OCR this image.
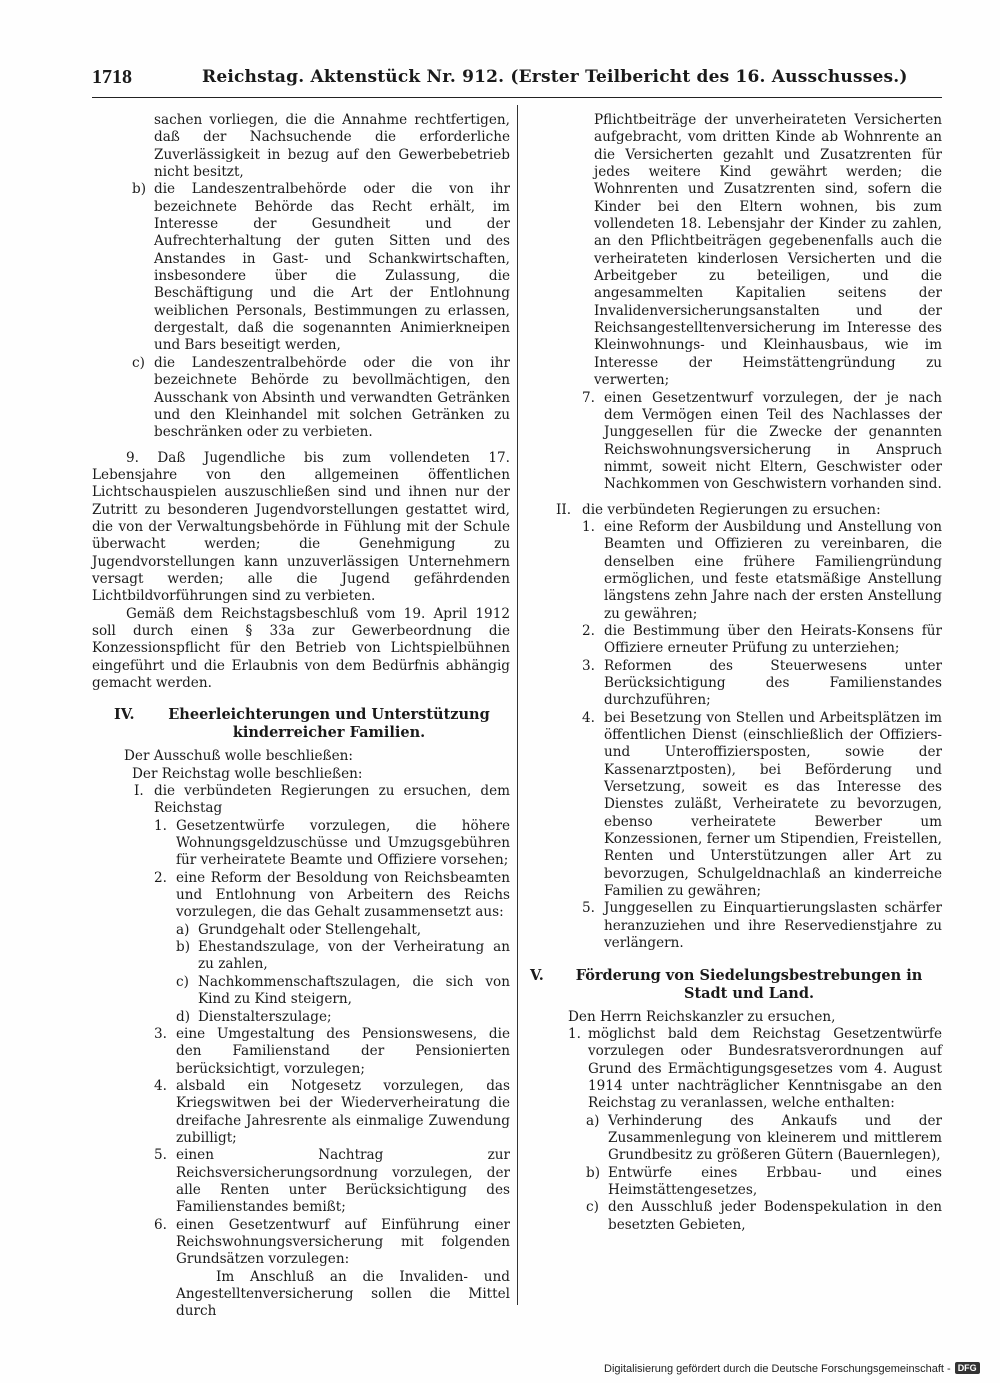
1718	Reichstag. Aktenstück Nr. 912. (Erster Teilbericht des 16. Ausschusses.)

sachen vorliegen, die die Annahme rechtfertigen, daß der Nachsuchende die erforderliche Zuverlässigkeit in bezug auf den Gewerbebetrieb nicht besitzt,

b) die Landeszentralbehörde oder die von ihr bezeichnete Behörde das Recht erhält, im Interesse der Gesundheit und der Aufrechterhaltung der guten Sitten und des Anstandes in Gast- und Schankwirtschaften, insbesondere über die Zulassung, die Beschäftigung und die Art der Entlohnung weiblichen Personals, Bestimmungen zu erlassen, dergestalt, daß die sogenannten Animierkneipen und Bars beseitigt werden,
c) die Landeszentralbehörde oder die von ihr bezeichnete Behörde zu bevollmächtigen, den Ausschank von Absinth und verwandten Getränken und den Kleinhandel mit solchen Getränken zu beschränken oder zu verbieten.

9. Daß Jugendliche bis zum vollendeten 17. Lebensjahre von den allgemeinen öffentlichen Lichtschauspielen auszuschließen sind und ihnen nur der Zutritt zu besonderen Jugendvorstellungen gestattet wird, die von der Verwaltungsbehörde in Fühlung mit der Schule überwacht werden; die Genehmigung zu Jugendvorstellungen kann unzuverlässigen Unternehmern versagt werden; alle die Jugend gefährdenden Lichtbildvorführungen sind zu verbieten.

Gemäß dem Reichstagsbeschluß vom 19. April 1912 soll durch einen § 33a zur Gewerbeordnung die Konzessionspflicht für den Betrieb von Lichtspielbühnen eingeführt und die Erlaubnis von dem Bedürfnis abhängig gemacht werden.

IV.	Eheerleichterungen und Unterstützung kinderreicher Familien.

Der Ausschuß wolle beschließen:

Der Reichstag wolle beschließen:

I. die verbündeten Regierungen zu ersuchen, dem Reichstag
1. Gesetzentwürfe vorzulegen, die höhere Wohnungsgeldzuschüsse und Umzugsgebühren für verheiratete Beamte und Offiziere vorsehen;
2. eine Reform der Besoldung von Reichsbeamten und Entlohnung von Arbeitern des Reichs vorzulegen, die das Gehalt zusammensetzt aus:
a) Grundgehalt oder Stellengehalt,
b) Ehestandszulage, von der Verheiratung an zu zahlen,
c) Nachkommenschaftszulagen, die sich von Kind zu Kind steigern,
d) Dienstalterszulage;
3. eine Umgestaltung des Pensionswesens, die den Familienstand der Pensionierten berücksichtigt, vorzulegen;
4. alsbald ein Notgesetz vorzulegen, das Kriegswitwen bei der Wiederverheiratung die dreifache Jahresrente als einmalige Zuwendung zubilligt;
5. einen Nachtrag zur Reichsversicherungsordnung vorzulegen, der alle Renten unter Berücksichtigung des Familienstandes bemißt;
6. einen Gesetzentwurf auf Einführung einer Reichswohnungsversicherung mit folgenden Grundsätzen vorzulegen:

Im Anschluß an die Invaliden- und Angestelltenversicherung sollen die Mittel durch

Pflichtbeiträge der unverheirateten Versicherten aufgebracht, vom dritten Kinde ab Wohnrente an die Versicherten gezahlt und Zusatzrenten für jedes weitere Kind gewährt werden; die Wohnrenten und Zusatzrenten sind, sofern die Kinder bei den Eltern wohnen, bis zum vollendeten 18. Lebensjahr der Kinder zu zahlen, an den Pflichtbeiträgen gegebenenfalls auch die verheirateten kinderlosen Versicherten und die Arbeitgeber zu beteiligen, und die angesammelten Kapitalien seitens der Invalidenversicherungsanstalten und der Reichsangestelltenversicherung im Interesse des Kleinwohnungs- und Kleinhausbaus, wie im Interesse der Heimstättengründung zu verwerten;

7. einen Gesetzentwurf vorzulegen, der je nach dem Vermögen einen Teil des Nachlasses der Junggesellen für die Zwecke der genannten Reichswohnungsversicherung in Anspruch nimmt, soweit nicht Eltern, Geschwister oder Nachkommen von Geschwistern vorhanden sind.
II. die verbündeten Regierungen zu ersuchen:
1. eine Reform der Ausbildung und Anstellung von Beamten und Offizieren zu vereinbaren, die denselben eine frühere Familiengründung ermöglichen, und feste etatsmäßige Anstellung längstens zehn Jahre nach der ersten Anstellung zu gewähren;
2. die Bestimmung über den Heirats-Konsens für Offiziere erneuter Prüfung zu unterziehen;
3. Reformen des Steuerwesens unter Berücksichtigung des Familienstandes durchzuführen;
4. bei Besetzung von Stellen und Arbeitsplätzen im öffentlichen Dienst (einschließlich der Offiziers- und Unteroffiziersposten, sowie der Kassenarztposten), bei Beförderung und Versetzung, soweit es das Interesse des Dienstes zuläßt, Verheiratete zu bevorzugen, ebenso verheiratete Bewerber um Konzessionen, ferner um Stipendien, Freistellen, Renten und Unterstützungen aller Art zu bevorzugen, Schulgeldnachlaß an kinderreiche Familien zu gewähren;
5. Junggesellen zu Einquartierungslasten schärfer heranzuziehen und ihre Reservedienstjahre zu verlängern.
V.	Förderung von Siedelungsbestrebungen in Stadt und Land.

Den Herrn Reichskanzler zu ersuchen,

1. möglichst bald dem Reichstag Gesetzentwürfe vorzulegen oder Bundesratsverordnungen auf Grund des Ermächtigungsgesetzes vom 4. August 1914 unter nachträglicher Kenntnisgabe an den Reichstag zu veranlassen, welche enthalten:
a) Verhinderung des Ankaufs und der Zusammenlegung von kleinerem und mittlerem Grundbesitz zu größeren Gütern (Bauernlegen),
b) Entwürfe eines Erbbau- und eines Heimstättengesetzes,
c) den Ausschluß jeder Bodenspekulation in den besetzten Gebieten,
Digitalisierung gefördert durch die Deutsche Forschungsgemeinschaft - DFG
